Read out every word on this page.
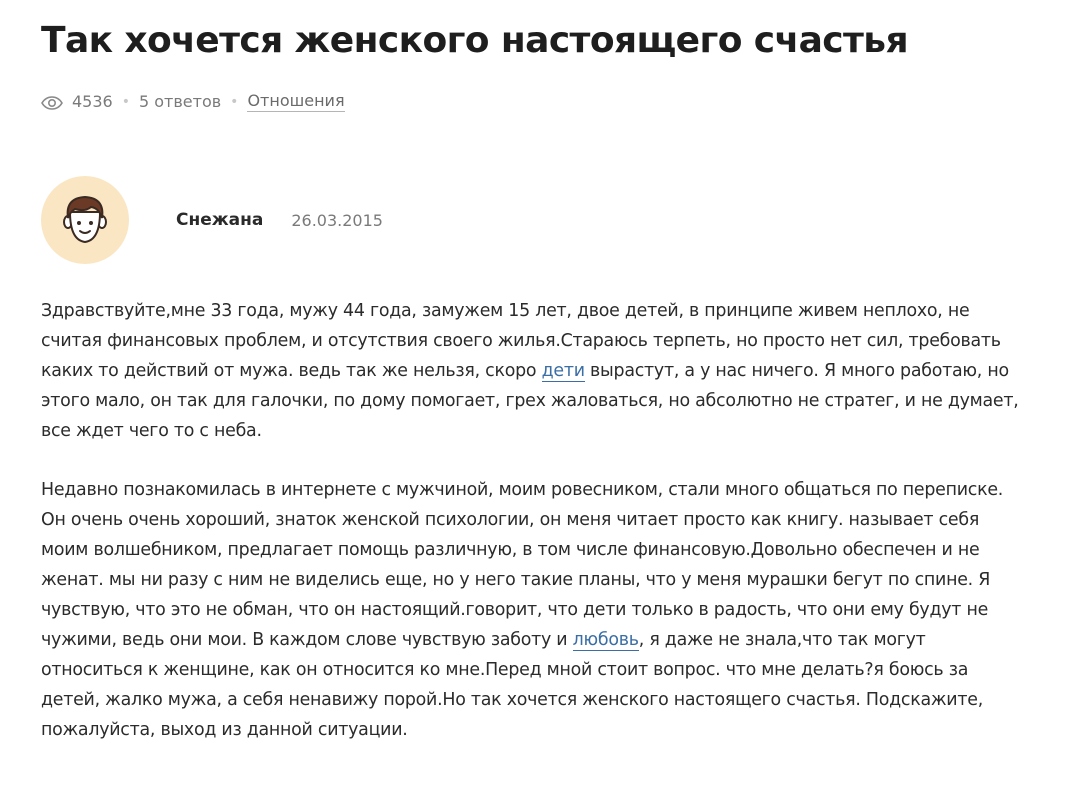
Так хочется женского настоящего счастья
4536 • 5 ответов • Отношения
Снежана 26.03.2015

Здравствуйте,мне 33 года, мужу 44 года, замужем 15 лет, двое детей, в принципе живем неплохо, не
считая финансовых проблем, и отсутствия своего жилья.Стараюсь терпеть, но просто нет сил, требовать
каких то действий от мужа. ведь так же нельзя, скоро дети вырастут, а у нас ничего. Я много работаю, но
этого мало, он так для галочки, по дому помогает, грех жаловаться, но абсолютно не стратег, и не думает,
все ждет чего то с неба.

Недавно познакомилась в интернете с мужчиной, моим ровесником, стали много общаться по переписке.
Он очень очень хороший, знаток женской психологии, он меня читает просто как книгу. называет себя
моим волшебником, предлагает помощь различную, в том числе финансовую.Довольно обеспечен и не
женат. мы ни разу с ним не виделись еще, но у него такие планы, что у меня мурашки бегут по спине. Я
чувствую, что это не обман, что он настоящий.говорит, что дети только в радость, что они ему будут не
чужими, ведь они мои. В каждом слове чувствую заботу и любовь, я даже не знала,что так могут
относиться к женщине, как он относится ко мне.Перед мной стоит вопрос. что мне делать?я боюсь за
детей, жалко мужа, а себя ненавижу порой.Но так хочется женского настоящего счастья. Подскажите,
пожалуйста, выход из данной ситуации.
